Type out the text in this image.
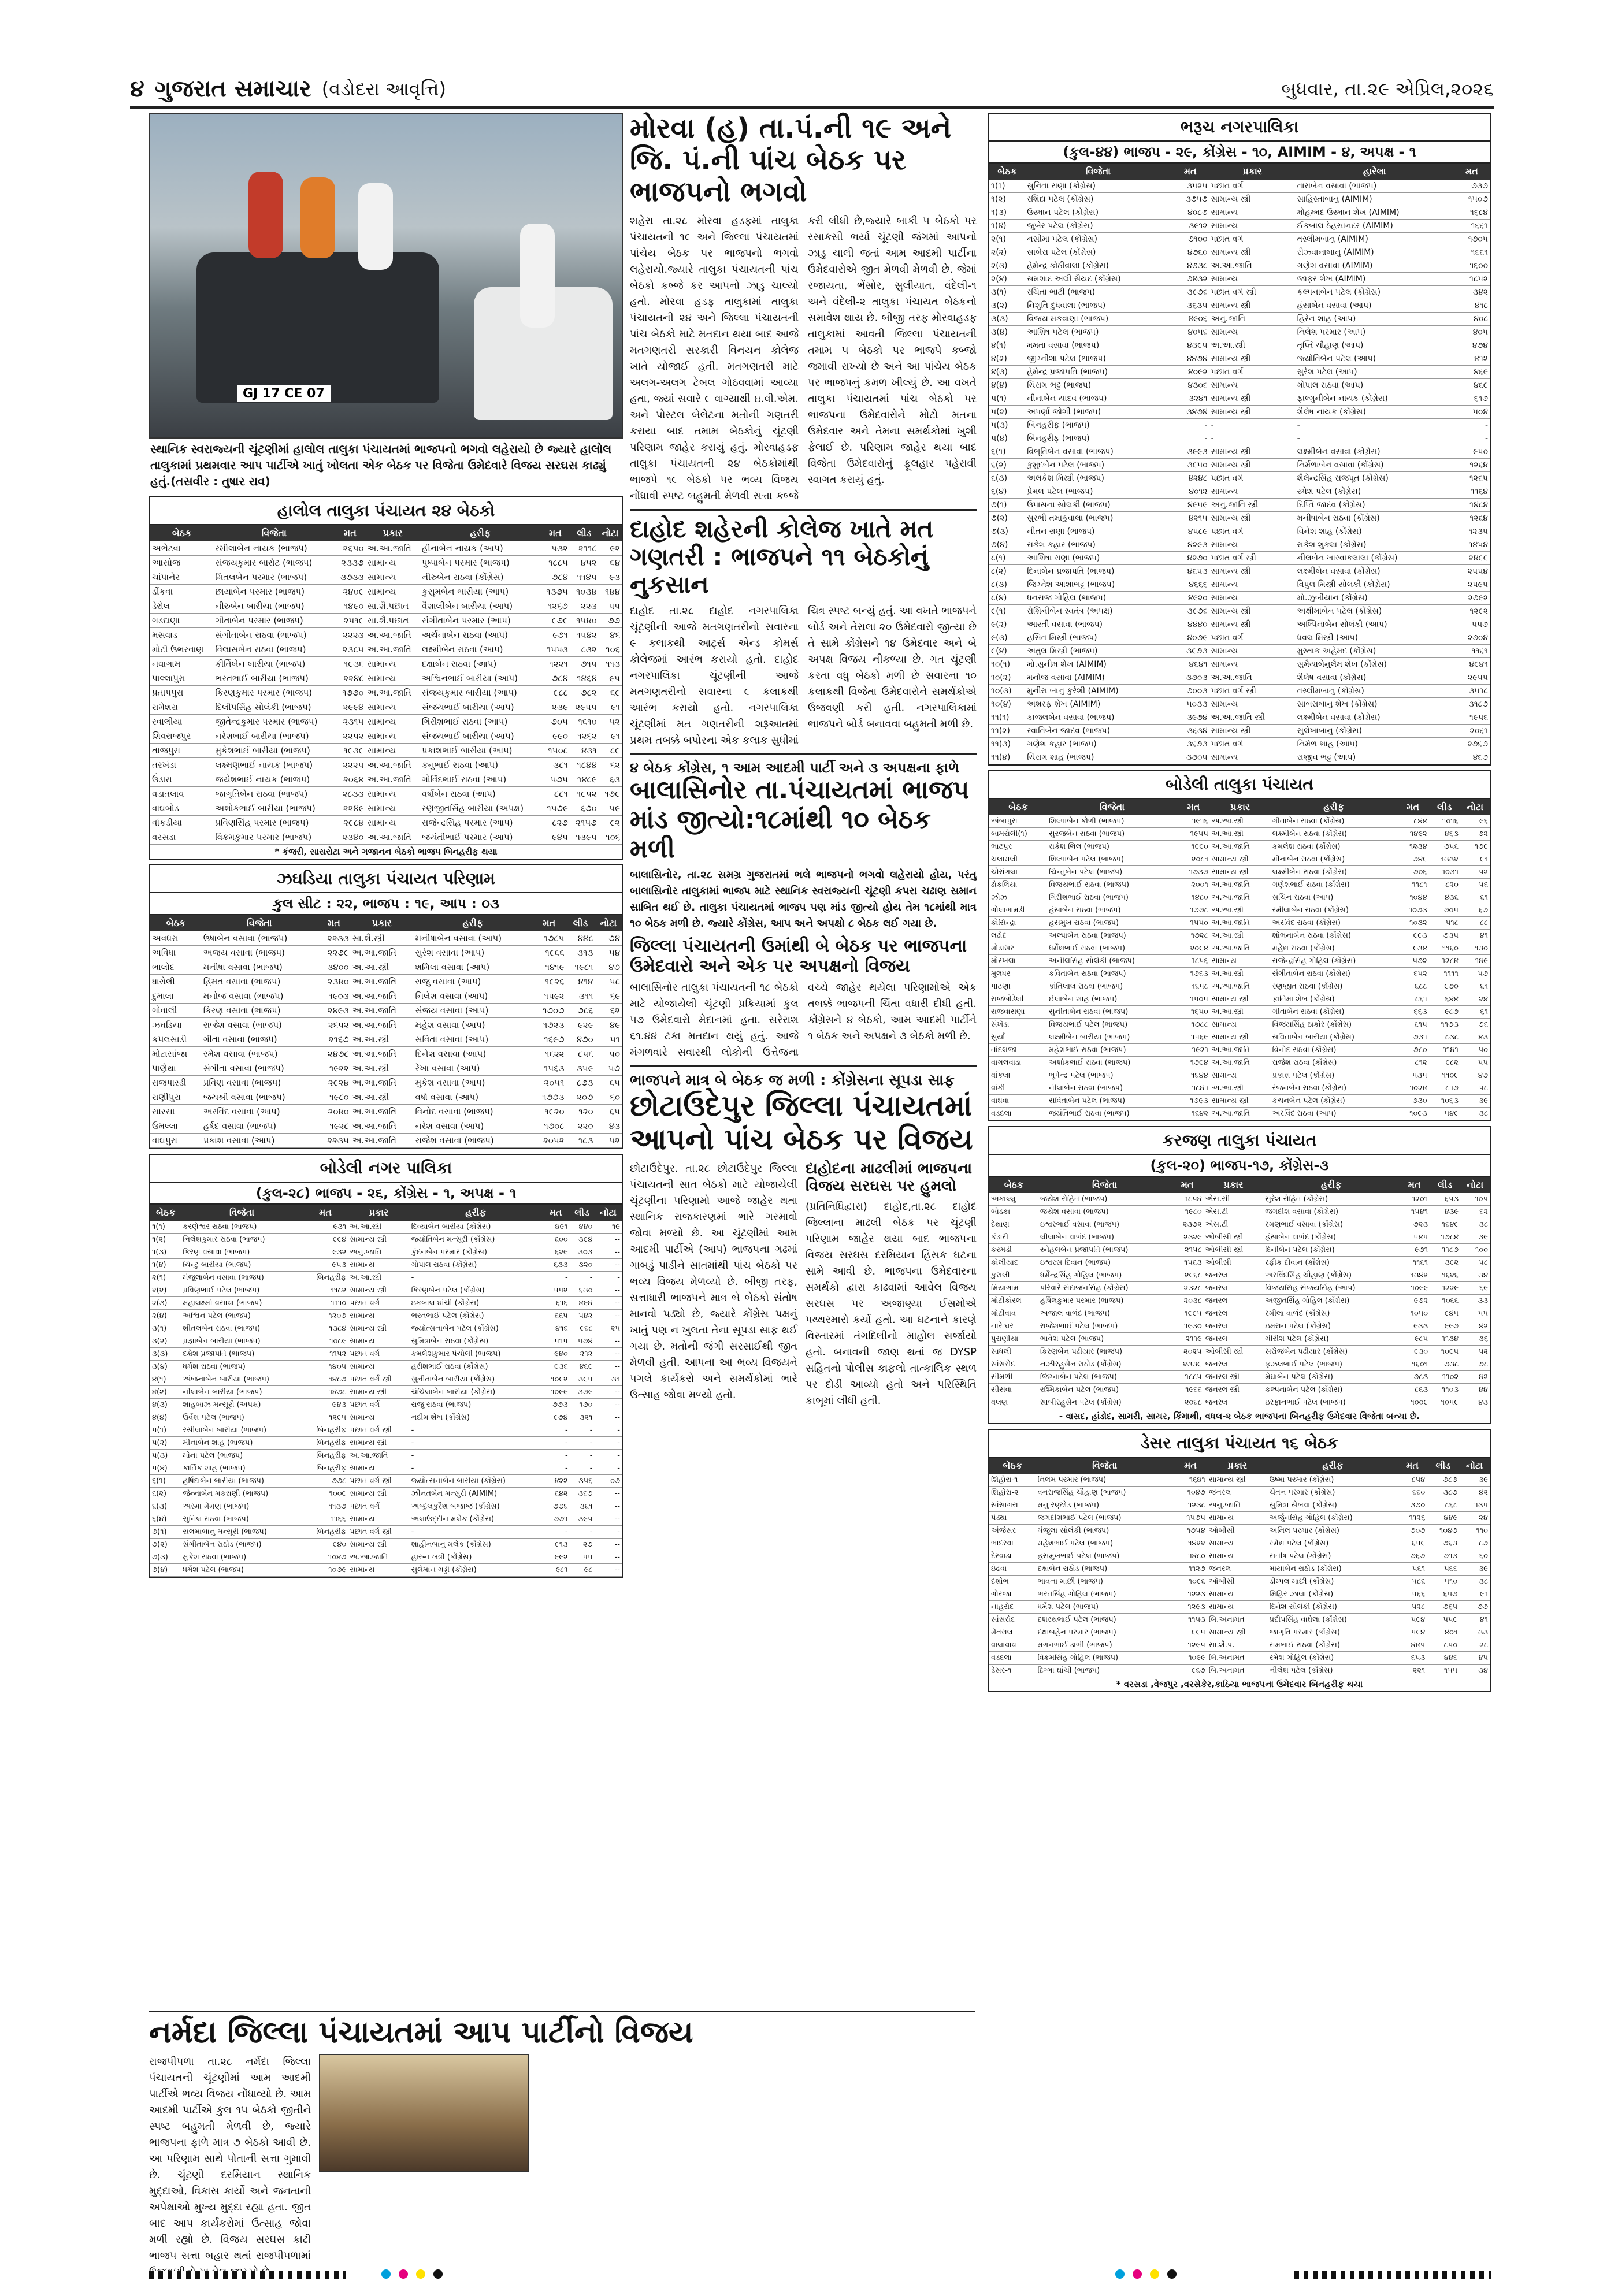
૪ ગુજરાત સમાચાર (વડોદરા આવૃત્તિ)	બુધવાર, તા.૨૯ એપ્રિલ,૨૦૨૬
GJ 17 CE 07
સ્થાનિક સ્વરાજ્યની ચૂંટણીમાં હાલોલ તાલુકા પંચાયતમાં ભાજપનો ભગવો લહેરાયો છે જ્યારે હાલોલ તાલુકામાં પ્રથમવાર આપ પાર્ટીએ ખાતું ખોલતા એક બેઠક પર વિજેતા ઉમેદવારે વિજય સરઘસ કાઢ્યું હતું.(તસવીર : તુષાર રાવ)
હાલોલ તાલુકા પંચાયત ૨૪ બેઠકો
બેઠક	વિજેતા	મત	પ્રકાર	હરીફ	મત	લીડ	નોટા
અભેટવા	રમીલાબેન નાયક (ભાજપ)	૨૬૫૦	અ.આ.જાતિ	હીનાબેન નાયક (આપ)	૫૩૨	૨૧૧૮	૯૨
આસોજ	સંજયકુમાર બારોટ (ભાજપ)	૨૩૩૭	સામાન્ય	પુષ્પાબેન પરમાર (ભાજપ)	૧૮૮૫	૪૫૨	૬૪
ચાંપાનેર	મિતલબેન પરમાર (ભાજપ)	૩૭૩૩	સામાન્ય	નીરુબેન રાઠવા (કોંગ્રેસ)	૭૮૪	૧૧૪૫	૯૩
ડીંકવા	છાયાબેન પરમાર (ભાજપ)	૨૪૦૯	સામાન્ય	કુસુમબેન બારીયા (આપ)	૧૩૭૫	૧૦૩૪	૧૪૪
ડેરોલ	નીરુબેન બારીયા (ભાજપ)	૧૪૯૦	સા.શૈ.પછાત	વૈશાલીબેન બારીયા (આપ)	૧૨૬૭	૨૨૩	૫૫
ગડદાણા	ગીતાબેન પરમાર (ભાજપ)	૨૫૧૯	સા.શૈ.પછાત	સંગીતાબેન પરમાર (આપ)	૯૭૯	૧૫૪૦	૭૭
મસવાડ	સંગીતાબેન રાઠવા (ભાજપ)	૨૨૨૩	અ.આ.જાતિ	અર્ચનાબેન રાઠવા (આપ)	૯૭૧	૧૫૪૨	૪૬
મોટી ઉભરવાણ	વિલાસબેન રાઠવા (ભાજપ)	૨૩૮૫	અ.આ.જાતિ	લક્ષ્મીબેન રાઠવા (આપ)	૧૫૫૩	૮૩૨	૧૦૬
નવાગામ	કીર્તિબેન બારીયા (ભાજપ)	૧૯૩૬	સામાન્ય	દક્ષાબેન રાઠવા (આપ)	૧૨૨૧	૭૧૫	૧૧૩
પાલ્લાપુરા	ભરતભાઈ બારીયા (ભાજપ)	૨૨૪૮	સામાન્ય	અશ્વિનભાઈ બારીયા (આપ)	૭૮૪	૧૪૬૪	૯૫
પ્રતાપપુરા	કિરણકુમાર પરમાર (ભાજપ)	૧૭૭૦	અ.આ.જાતિ	સંજયકુમાર બારીયા (આપ)	૯૮૮	૭૮૨	૬૯
રામેશરા	દિલીપસિંહ સોલંકી (ભાજપ)	૨૯૯૪	સામાન્ય	સંજયભાઈ બારીયા (આપ)	૨૩૯	૨૯૫૫	૯૧
રવાલીયા	જીતેન્દ્રકુમાર પરમાર (ભાજપ)	૨૩૧૫	સામાન્ય	ગિરીશભાઈ રાઠવા (આપ)	૭૦૫	૧૬૧૦	૫૨
શિવરાજપુર	નરેશભાઈ બારીયા (ભાજપ)	૨૨૫૨	સામાન્ય	સંજયભાઈ બારીયા (આપ)	૯૯૦	૧૨૬૨	૯૧
તાજપુરા	મુકેશભાઈ બારીયા (ભાજપ)	૧૯૩૯	સામાન્ય	પ્રકાશભાઈ બારીયા (આપ)	૧૫૦૮	૪૩૧	૮૯
તરખંડા	લક્ષ્મણભાઈ નાયક (ભાજપ)	૨૨૨૫	અ.આ.જાતિ	કનુભાઈ રાઠવા (આપ)	૩૮૧	૧૮૪૪	૬૨
ઉંડારા	જયેશભાઈ નાયક (ભાજપ)	૨૦૬૪	અ.આ.જાતિ	ગોવિંદભાઈ રાઠવા (આપ)	૫૭૫	૧૪૮૯	૬૩
વડાતલાવ	જાગૃતિબેન રાઠવા (ભાજપ)	૨૮૩૩	સામાન્ય	વર્ષાબેન રાઠવા (આપ)	૮૮૧	૧૯૫૨	૧૭૯
વાઘબોડ	અશોકભાઈ બારીયા (ભાજપ)	૨૨૪૯	સામાન્ય	રણજીતસિંહ બારીયા (અપક્ષ)	૧૫૭૯	૬૭૦	૫૯
વાંકડીયા	પ્રવિણસિંહ પરમાર (ભાજપ)	૨૯૮૪	સામાન્ય	રાજેન્દ્રસિંહ પરમાર (આપ)	૮૨૭	૨૧૫૭	૯૨
વરસડા	વિક્રમકુમાર પરમાર (ભાજપ)	૨૩૪૦	અ.આ.જાતિ	જયંતીભાઈ પરમાર (આપ)	૯૪૫	૧૩૯૫	૧૦૬
* કંજરી, સાસરોટા અને ગજાનન બેઠકો ભાજપ બિનહરીફ થયા
ઝઘડિયા તાલુકા પંચાયત પરિણામ
કુલ સીટ : ૨૨, ભાજપ : ૧૯, આપ : ૦૩
બેઠક	વિજેતા	મત	પ્રકાર	હરીફ	મત	લીડ	નોટા
અવધરા	ઉષાબેન વસાવા (ભાજપ)	૨૨૩૩	સા.શૈ.સ્ત્રી	મનીષાબેન વસાવા (આપ)	૧૭૮૫	૪૪૮	૭૪
અવિધા	અજય વસાવા (ભાજપ)	૨૨૭૯	અ.આ.જાતિ	સુરેશ વસાવા (આપ)	૧૯૬૬	૩૧૩	૫૪
ભાલોદ	મનીષા વસાવા (ભાજપ)	૩૪૦૦	અ.આ.સ્ત્રી	શર્મિલા વસાવા (આપ)	૧૪૧૯	૧૯૮૧	૪૭
ધારોલી	હિંમત વસાવા (ભાજપ)	૨૩૪૦	અ.આ.જાતિ	રાજુ વસાવા (આપ)	૧૯૨૬	૪૧૪	૫૮
દુમાલા	મનોજ વસાવા (ભાજપ)	૧૯૦૩	અ.આ.જાતિ	નિલેશ વસાવા (આપ)	૧૫૯૨	૩૧૧	૬૯
ગોવાલી	કિરણ વસાવા (ભાજપ)	૨૪૯૩	અ.આ.જાતિ	સંજય વસાવા (આપ)	૧૭૦૭	૭૮૬	૬૨
ઝઘડિયા	રાજેશ વસાવા (ભાજપ)	૨૬૫૨	અ.આ.જાતિ	મહેશ વસાવા (આપ)	૧૭૨૩	૯૨૯	૪૯
કપલસાડી	ગીતા વસાવા (ભાજપ)	૨૧૬૭	અ.આ.સ્ત્રી	સવિતા વસાવા (આપ)	૧૬૯૭	૪૭૦	૫૧
મોટાસાંજા	રમેશ વસાવા (ભાજપ)	૨૪૭૮	અ.આ.જાતિ	દિનેશ વસાવા (આપ)	૧૬૨૨	૮૫૬	૫૦
પાણેથા	સંગીતા વસાવા (ભાજપ)	૧૯૨૨	અ.આ.સ્ત્રી	રેખા વસાવા (આપ)	૧૫૬૩	૩૫૯	૫૭
રાજપારડી	પ્રવિણ વસાવા (ભાજપ)	૨૯૨૪	અ.આ.જાતિ	મુકેશ વસાવા (આપ)	૨૦૫૧	૮૭૩	૬૫
રાણીપુરા	જયશ્રી વસાવા (ભાજપ)	૧૯૮૦	અ.આ.સ્ત્રી	વર્ષા વસાવા (આપ)	૧૭૭૩	૨૦૭	૬૦
સારસા	અરવિંદ વસાવા (આપ)	૨૦૪૦	અ.આ.જાતિ	વિનોદ વસાવા (ભાજપ)	૧૯૨૦	૧૨૦	૬૫
ઉમલ્લા	હર્ષદ વસાવા (ભાજપ)	૧૯૨૮	અ.આ.જાતિ	નરેશ વસાવા (આપ)	૧૭૦૮	૨૨૦	૪૩
વાઘપુરા	પ્રકાશ વસાવા (આપ)	૨૨૩૫	અ.આ.જાતિ	રાજેશ વસાવા (ભાજપ)	૨૦૫૨	૧૮૩	૫૨
બોડેલી નગર પાલિકા
(કુલ-૨૮) ભાજપ - ૨૬, કોંગ્રેસ - ૧, અપક્ષ - ૧
બેઠક	વિજેતા	મત	પ્રકાર	હરીફ	મત	લીડ	નોટા
૧(૧)	કરણેશ્વર રાઠવા (ભાજપ)	૯૩૧	અ.આ.સ્ત્રી	દિવ્યાબેન બારીયા (કોંગ્રેસ)	૪૯૧	૪૪૦	૧૯
૧(૨)	નિલેશકુમાર રાઠવા (ભાજપ)	૯૯૪	સામાન્ય સ્ત્રી	જ્યોતિબેન મન્સૂરી (કોંગ્રેસ)	૬૦૦	૩૯૪	--
૧(૩)	કિરણ વસાવા (ભાજપ)	૯૩૨	અનુ.જાતિ	કુંદનબેન પરમાર (કોંગ્રેસ)	૬૨૯	૩૦૩	--
૧(૪)	ચિન્ટુ બારીયા (ભાજપ)	૯૫૩	સામાન્ય	ગોપાલ રાઠવા (કોંગ્રેસ)	૬૩૩	૩૨૦	--
૨(૧)	મંજુલાબેન વસાવા (ભાજપ)	બિનહરીફ	અ.આ.સ્ત્રી	-	-	-	-
૨(૨)	પ્રવિણભાઈ પટેલ (ભાજપ)	૧૧૮૨	સામાન્ય સ્ત્રી	કિરણબેન પટેલ (કોંગ્રેસ)	૫૫૨	૬૩૦	--
૨(૩)	મહાલક્ષ્મી વસાવા (ભાજપ)	૧૧૧૦	પછાત વર્ગ	ઇકબાલ ઘાંચી (કોંગ્રેસ)	૬૧૬	૪૯૪	--
૨(૪)	અશ્વિન પટેલ (ભાજપ)	૧૨૦૭	સામાન્ય	ભરતભાઈ પટેલ (કોંગ્રેસ)	૬૬૫	૫૪૨	--
૩(૧)	શીતલબેન રાઠવા (ભાજપ)	૧૩૮૪	સામાન્ય સ્ત્રી	જ્યોત્સનાબેન પટેલ (કોંગ્રેસ)	૪૧૬	૯૬૮	૨૫
૩(૨)	પ્રજ્ઞાબેન બારીયા (ભાજપ)	૧૦૮૯	સામાન્ય	સુમિત્રાબેન રાઠવા (કોંગ્રેસ)	૫૧૫	૫૭૪	--
૩(૩)	દક્ષેશ પ્રજાપતિ (ભાજપ)	૧૧૫૨	પછાત વર્ગ	કમલેશકુમાર પંચોલી (ભાજપ)	૯૪૦	૨૧૨	--
૩(૪)	ધર્મેશ રાઠવા (ભાજપ)	૧૪૦૫	સામાન્ય	હરીશભાઈ રાઠવા (કોંગ્રેસ)	૯૩૬	૪૬૯	--
૪(૧)	અંજનાબેન બારીયા (ભાજપ)	૧૪૮૭	પછાત વર્ગ સ્ત્રી	સુનીતાબેન બારીયા (કોંગ્રેસ)	૧૦૯૨	૩૯૫	૩૧
૪(૨)	નીલાબેન બારીયા (ભાજપ)	૧૪૭૮	સામાન્ય સ્ત્રી	ચંચિલાબેન બારીયા (કોંગ્રેસ)	૧૦૯૯	૩૭૯	--
૪(૩)	શાહબાઝ મન્સૂરી (અપક્ષ)	૯૪૩	પછાત વર્ગ	રાજુ રાઠવા (ભાજપ)	૭૭૩	૧૭૦	--
૪(૪)	ઉર્વેશ પટેલ (ભાજપ)	૧૨૯૫	સામાન્ય	નદીમ શેખ (કોંગ્રેસ)	૯૭૪	૩૨૧	--
૫(૧)	રસીલાબેન બારીયા (ભાજપ)	બિનહરીફ	પછાત વર્ગ સ્ત્રી	-	-	-	-
૫(૨)	મીનાબેન શાહ (ભાજપ)	બિનહરીફ	સામાન્ય સ્ત્રી	-	-	-	-
૫(૩)	મોના પટેલ (ભાજપ)	બિનહરીફ	અ.આ.જાતિ	-	-	-	-
૫(૪)	કાર્તિક શાહ (ભાજપ)	બિનહરીફ	સામાન્ય	-	-	-	-
૬(૧)	હર્ષિદાબેન બારીયા (ભાજપ)	૭૭૮	પછાત વર્ગ સ્ત્રી	જ્યોત્સનાબેન બારીયા (કોંગ્રેસ)	૪૨૨	૩૫૬	૦૭
૬(૨)	જેન્નાબેન મકરાણી (ભાજપ)	૧૦૦૯	સામાન્ય સ્ત્રી	ઝીનતબેન મન્સુરી (AIMIM)	૬૪૨	૩૬૭	--
૬(૩)	અસ્મા મેમણ (ભાજપ)	૧૧૩૭	પછાત વર્ગ	અબ્દુલકુરૈશ બજાજ (કોંગ્રેસ)	૭૭૬	૩૬૧	--
૬(૪)	સુનિલ રાઠવા (ભાજપ)	૧૧૬૬	સામાન્ય	અલાઉદ્દીન મલેક (કોંગ્રેસ)	૭૭૧	૩૯૫	--
૭(૧)	સલમાબાનુ મન્સૂરી (ભાજપ)	બિનહરીફ	પછાત વર્ગ સ્ત્રી	-	-	-	-
૭(૨)	સંગીતાબેન રાઠોડ (ભાજપ)	૯૪૦	સામાન્ય સ્ત્રી	શાહીનબાનુ મલેક (કોંગ્રેસ)	૯૧૩	૨૭	--
૭(૩)	મુકેશ રાઠવા (ભાજપ)	૧૦૪૭	અ.આ.જાતિ	હારુન ખત્રી (કોંગ્રેસ)	૯૯૨	૫૫	--
૭(૪)	ધર્મેશ પટેલ (ભાજપ)	૧૦૭૯	સામાન્ય	સુલેમાન ગડ્ડી (કોંગ્રેસ)	૯૮૧	૯૮	--
મોરવા (હ) તા.પં.ની ૧૯ અને જિ. પં.ની પાંચ બેઠક પર ભાજપનો ભગવો
શહેરા તા.૨૮ મોરવા હડફમાં તાલુકા પંચાયતની ૧૯ અને જિલ્લા પંચાયતમાં પાંચેય બેઠક પર ભાજપનો ભગવો લહેરાયો.જ્યારે તાલુકા પંચાયતની પાંચ બેઠકો કબ્જે કર આપનો ઝાડુ ચાલ્યો હતો. મોરવા હડફ તાલુકામાં તાલુકા પંચાયતની ૨૪ અને જિલ્લા પંચાયતની પાંચ બેઠકો માટે મતદાન થયા બાદ આજે મતગણતરી સરકારી વિનયન કોલેજ ખાતે યોજાઈ હતી. મતગણતરી માટે અલગ-અલગ ટેબલ ગોઠવવામાં આવ્યા હતા, જ્યાં સવારે ૯ વાગ્યાથી ઇ.વી.એમ. અને પોસ્ટલ બેલેટના મતોની ગણતરી કરાયા બાદ તમામ બેઠકોનું ચૂંટણી પરિણામ જાહેર કરાયું હતું. મોરવાહડફ તાલુકા પંચાયતની ૨૪ બેઠકોમાંથી ભાજપે ૧૯ બેઠકો પર ભવ્ય વિજય નોંધાવી સ્પષ્ટ બહુમતી મેળવી સત્તા કબ્જે કરી લીધી છે,જ્યારે બાકી ૫ બેઠકો પર રસાકસી ભર્યા ચૂંટણી જંગમાં આપનો ઝાડુ ચાલી જતાં આમ આદમી પાર્ટીના ઉમેદવારોએ જીત મેળવી મેળવી છે. જેમાં રજાયતા, ભેંસોર, સુલીયાત, વંદેલી-૧ અને વંદેલી-૨ તાલુકા પંચાયત બેઠકનો સમાવેશ થાય છે. બીજી તરફ મોરવાહડફ તાલુકામાં આવતી જિલ્લા પંચાયતની તમામ ૫ બેઠકો પર ભાજપે કબ્જો જમાવી રાખ્યો છે અને આ પાંચેય બેઠક પર ભાજપનું કમળ ખીલ્યું છે. આ વખતે તાલુકા પંચાયતમાં પાંચ બેઠકો પર ભાજપના ઉમેદવારોને મોટો મતના ઉમેદવાર અને તેમના સમર્થકોમાં ખુશી ફેલાઈ છે. પરિણામ જાહેર થયા બાદ વિજેતા ઉમેદવારોનું ફૂલહાર પહેરાવી સ્વાગત કરાયું હતું.
દાહોદ શહેરની કોલેજ ખાતે મત ગણતરી : ભાજપને ૧૧ બેઠકોનું નુકસાન
દાહોદ તા.૨૮ દાહોદ નગરપાલિકા ચૂંટણીની આજે મતગણતરીનો સવારના ૯ કલાકથી આર્ટ્સ એન્ડ કોમર્સ કોલેજમાં આરંભ કરાયો હતો. દાહોદ નગરપાલિકા ચૂંટણીની આજે મતગણતરીનો સવારના ૯ કલાકથી આરંભ કરાયો હતો. નગરપાલિકા ચૂંટણીમાં મત ગણતરીની શરૂઆતમાં પ્રથમ તબક્કે બપોરના એક કલાક સુધીમાં ચિત્ર સ્પષ્ટ બન્યું હતું. આ વખતે ભાજપને બોર્ડ અને તેરાલા ૨૦ ઉમેદવારો જીત્યા છે તે સામે કોંગ્રેસને ૧૪ ઉમેદવાર અને બે અપક્ષ વિજય નીકળ્યા છે. ગત ચૂંટણી કરતા વધુ બેઠકો મળી છે સવારના ૧૦ કલાકથી વિજેતા ઉમેદવારોને સમર્થકોએ ઉજવણી કરી હતી. નગરપાલિકામાં ભાજપને બોર્ડ બનાવવા બહુમતી મળી છે.
૪ બેઠક કોંગ્રેસ, ૧ આમ આદમી પાર્ટી અને ૩ અપક્ષના ફાળે
બાલાસિનોર તા.પંચાયતમાં ભાજપ માંડ જીત્યો:૧૮માંથી ૧૦ બેઠક મળી
બાલાસિનોર, તા.૨૮ સમગ્ર ગુજરાતમાં ભલે ભાજપનો ભગવો લહેરાયો હોય, પરંતુ બાલાસિનોર તાલુકામાં ભાજપ માટે સ્થાનિક સ્વરાજ્યની ચૂંટણી કપરા ચઢાણ સમાન સાબિત થઈ છે. તાલુકા પંચાયતમાં ભાજપ પણ માંડ જીત્યો હોય તેમ ૧૮માંથી માત્ર ૧૦ બેઠક મળી છે. જ્યારે કોંગ્રેસ, આપ અને અપક્ષો ૮ બેઠક લઈ ગયા છે.
જિલ્લા પંચાયતની ઉમાંથી બે બેઠક પર ભાજપના ઉમેદવારો અને એક પર અપક્ષનો વિજય
બાલાસિનોર તાલુકા પંચાયતની ૧૮ બેઠકો માટે યોજાયેલી ચૂંટણી પ્રક્રિયામાં કુલ ૫૭ ઉમેદવારો મેદાનમાં હતા. સરેરાશ ૬૧.૪૪ ટકા મતદાન થયું હતું. આજે મંગળવારે સવારથી લોકોની ઉત્તેજના વચ્ચે જાહેર થયેલા પરિણામોએ એક તબક્કે ભાજપની ચિંતા વધારી દીધી હતી. કોંગ્રેસને ૪ બેઠકો, આમ આદમી પાર્ટીને ૧ બેઠક અને અપક્ષને ૩ બેઠકો મળી છે.
ભાજપને માત્ર બે બેઠક જ મળી : કોંગ્રેસના સૂપડા સાફ
છોટાઉદેપુર જિલ્લા પંચાયતમાં આપનો પાંચ બેઠક પર વિજય
છોટાઉદેપુર. તા.૨૮ છોટાઉદેપુર જિલ્લા પંચાયતની સાત બેઠકો માટે યોજાયેલી ચૂંટણીના પરિણામો આજે જાહેર થતા સ્થાનિક રાજકારણમાં ભારે ગરમાવો જોવા મળ્યો છે. આ ચૂંટણીમાં આમ આદમી પાર્ટીએ (આપ) ભાજપના ગઢમાં ગાબડું પાડીને સાતમાંથી પાંચ બેઠકો પર ભવ્ય વિજય મેળવ્યો છે. બીજી તરફ, સત્તાધારી ભાજપને માત્ર બે બેઠકો સંતોષ માનવો પડ્યો છે, જ્યારે કોંગ્રેસ પક્ષનું ખાતું પણ ન ખુલતા તેના સૂપડા સાફ થઈ ગયા છે. મતોની જંગી સરસાઈથી જીત મેળવી હતી. આપના આ ભવ્ય વિજયને પગલે કાર્યકરો અને સમર્થકોમાં ભારે ઉત્સાહ જોવા મળ્યો હતો.
દાહોદના માઢલીમાં ભાજપના વિજય સરઘસ પર હુમલો
(પ્રતિનિધિદ્વારા) દાહોદ,તા.૨૮ દાહોદ જિલ્લાના માઢલી બેઠક પર ચૂંટણી પરિણામ જાહેર થયા બાદ ભાજપના વિજય સરઘસ દરમિયાન હિંસક ઘટના સામે આવી છે. ભાજપના ઉમેદવારના સમર્થકો દ્વારા કાઢવામાં આવેલ વિજય સરઘસ પર અજાણ્યા ઈસમોએ પથ્થરમારો કર્યો હતો. આ ઘટનાને કારણે વિસ્તારમાં તંગદિલીનો માહોલ સર્જાયો હતો. બનાવની જાણ થતાં જ DYSP સહિતનો પોલીસ કાફલો તાત્કાલિક સ્થળ પર દોડી આવ્યો હતો અને પરિસ્થિતિ કાબૂમાં લીધી હતી.
નર્મદા જિલ્લા પંચાયતમાં આપ પાર્ટીનો વિજય
રાજપીપળા તા.૨૮ નર્મદા જિલ્લા પંચાયતની ચૂંટણીમાં આમ આદમી પાર્ટીએ ભવ્ય વિજય નોંધાવ્યો છે. આમ આદમી પાર્ટીએ કુલ ૧૫ બેઠકો જીતીને સ્પષ્ટ બહુમતી મેળવી છે, જ્યારે ભાજપના ફાળે માત્ર ૭ બેઠકો આવી છે. આ પરિણામ સાથે પોતાની સત્તા ગુમાવી છે. ચૂંટણી દરમિયાન સ્થાનિક મુદ્દાઓ, વિકાસ કાર્યો અને જનતાની અપેક્ષાઓ મુખ્ય મુદ્દા રહ્યા હતા. જીત બાદ આપ કાર્યકરોમાં ઉત્સાહ જોવા મળી રહ્યો છે. વિજય સરઘસ કાઢી ભાજપ સત્તા બહાર થતાં રાજપીપળામાં
ભરૂચ નગરપાલિકા
(કુલ-૪૪) ભાજપ - ૨૯, કોંગ્રેસ - ૧૦, AIMIM - ૪, અપક્ષ - ૧
બેઠક	વિજેતા	મત	પ્રકાર	હારેલા	મત
૧(૧)	સુનિતા રાણા (કોંગ્રેસ)	૩૫૨૫	પછાત વર્ગ	તારાબેન વસાવા (ભાજપ)	૭૩૭
૧(૨)	રશિદા પટેલ (કોંગ્રેસ)	૩૭૫૭	સામાન્ય સ્ત્રી	સાહિસ્તાબાનુ (AIMIM)	૧૫૦૭
૧(૩)	ઉસ્માન પટેલ (કોંગ્રેસ)	૪૦૮૭	સામાન્ય	મોહમ્મદ ઉસ્માન શેખ (AIMIM)	૧૬૮૪
૧(૪)	જુબેર પટેલ (કોંગ્રેસ)	૩૯૧૨	સામાન્ય	ઈકબાલ ઠેહસાનદર (AIMIM)	૧૬૬૧
૨(૧)	નસીમા પટેલ (કોંગ્રેસ)	૭૧૦૦	પછાત વર્ગ	તસ્લીમબાનુ (AIMIM)	૧૭૦૫
૨(૨)	સાબેરા પટેલ (કોંગ્રેસ)	૪૭૬૦	સામાન્ય સ્ત્રી	રીઝ્વાનાબાનુ (AIMIM)	૧૬૬૧
૨(૩)	હેમેન્દ્ર કોઠીવાલા (કોંગ્રેસ)	૪૭૩૮	અ.આ.જાતિ	ગણેશ વસાવા (AIMIM)	૧૬૦૦
૨(૪)	સમશાદ અલી સૈયદ (કોંગ્રેસ)	૭૪૩૨	સામાન્ય	જાફર શેખ (AIMIM)	૧૮૫૨
૩(૧)	રચિતા ભાટી (ભાજપ)	૩૯૭૬	પછાત વર્ગ સ્ત્રી	કલ્પનાબેન પટેલ (કોંગ્રેસ)	૩૪૨
૩(૨)	નિશુતિ દુધવાલા (ભાજપ)	૩૬૩૫	સામાન્ય સ્ત્રી	હંસાબેન વસાવા (આપ)	૪૧૮
૩(૩)	વિજય મકવાણા (ભાજપ)	૪૯૦૬	અનુ.જાતિ	હિરેન શાહ (આપ)	૪૦૮
૩(૪)	આશિષ પટેલ (ભાજપ)	૪૦૫૬	સામાન્ય	નિલેશ પરમાર (આપ)	૪૦૫
૪(૧)	મમતા વસાવા (ભાજપ)	૪૩૯૫	અ.આ.સ્ત્રી	તૃપ્તિ ચૌહાણ (આપ)	૪૭૪
૪(૨)	જીગ્નીશા પટેલ (ભાજપ)	૪૪૭૪	સામાન્ય સ્ત્રી	જ્યોતિબેન પટેલ (આપ)	૪૧૨
૪(૩)	હેમેન્દ્ર પ્રજાપતિ (ભાજપ)	૪૦૯૨	પછાત વર્ગ	સુરેશ પટેલ (આપ)	૪૬૯
૪(૪)	ચિરાગ ભટ્ટ (ભાજપ)	૪૩૦૬	સામાન્ય	ગોપાલ રાઠવા (આપ)	૪૬૯
૫(૧)	નીનાબેન યાદવ (ભાજપ)	૩૨૪૧	સામાન્ય સ્ત્રી	ફાલ્ગુનીબેન નાયક (કોંગ્રેસ)	૬૧૭
૫(૨)	અપર્ણા જોશી (ભાજપ)	૩૪૭૪	સામાન્ય સ્ત્રી	શૈલેષ નાયક (કોંગ્રેસ)	૫૦૪
૫(૩)	બિનહરીફ (ભાજપ)	-	-	-	-
૫(૪)	બિનહરીફ (ભાજપ)	-	-	-	-
૬(૧)	વિભૂતિબેન વસાવા (ભાજપ)	૩૯૯૩	સામાન્ય સ્ત્રી	લક્ષ્મીબેન વસાવા (કોંગ્રેસ)	૯૫૦
૬(૨)	કુમુદબેન પટેલ (ભાજપ)	૩૯૫૦	સામાન્ય સ્ત્રી	નિર્મળાબેન વસાવા (કોંગ્રેસ)	૧૨૬૪
૬(૩)	અલકેશ મિસ્ત્રી (ભાજપ)	૪૨૪૮	પછાત વર્ગ	શૈલેન્દ્રસિંહ રાજપૂત (કોંગ્રેસ)	૧૨૬૫
૬(૪)	પ્રેમલ પટેલ (ભાજપ)	૪૦૧૨	સામાન્ય	રમેશ પટેલ (કોંગ્રેસ)	૧૧૬૪
૭(૧)	ઉપાસના સોલંકી (ભાજપ)	૪૯૫૯	અનુ.જાતિ સ્ત્રી	દિપ્તિ જાદવ (કોંગ્રેસ)	૧૪૮૪
૭(૨)	સુરભી તમાકુવાલા (ભાજપ)	૪૨૧૫	સામાન્ય સ્ત્રી	મનીષાબેન રાઠવા (કોંગ્રેસ)	૧૨૬૪
૭(૩)	નીતન રાણા (ભાજપ)	૪૫૮૯	પછાત વર્ગ	વિનેશ શાહ (કોંગ્રેસ)	૧૨૩૫
૭(૪)	રાકેશ કહાર (ભાજપ)	૪૨૯૩	સામાન્ય	રાકેશ શુક્લા (કોંગ્રેસ)	૧૪૫૪
૮(૧)	આશિષા રાણા (ભાજપ)	૪૨૭૦	પછાત વર્ગ સ્ત્રી	નીલબેન ખારવાકલાલા (કોંગ્રેસ)	૨૪૯૯
૮(૨)	દિનાબેન પ્રજાપતિ (ભાજપ)	૪૬૫૩	સામાન્ય સ્ત્રી	લક્ષ્મીબેન વસાવા (કોંગ્રેસ)	૨૫૫૪
૮(૩)	જિગ્નેશ આશાભટ્ટ (ભાજપ)	૪૬૬૬	સામાન્ય	વિપુલ મિસ્ત્રી સોલંકી (કોંગ્રેસ)	૨૫૯૫
૮(૪)	ધનરાજ ગોહિલ (ભાજપ)	૪૯૨૦	સામાન્ય	મો.ઝુબીયાન (કોંગ્રેસ)	૨૭૯૨
૯(૧)	રોશિનીબેન સ્વતંત્ર (અપક્ષ)	૩૯૭૬	સામાન્ય સ્ત્રી	અક્ષીમાબેન પટેલ (કોંગ્રેસ)	૧૨૯૨
૯(૨)	આરતી વસાવા (ભાજપ)	૪૪૪૦	સામાન્ય સ્ત્રી	અલ્પિનાબેન સોલંકી (આપ)	૫૫૭
૯(૩)	હસિત મિસ્ત્રી (ભાજપ)	૪૦૭૯	પછાત વર્ગ	ધવલ મિસ્ત્રી (આપ)	૨૭૦૪
૯(૪)	અતુલ મિસ્ત્રી (ભાજપ)	૩૯૭૩	સામાન્ય	મુસ્તાક અહેમદ (કોંગ્રેસ)	૧૧૬૧
૧૦(૧)	મો.સુનીમ શેખ (AIMIM)	૪૬૪૧	સામાન્ય	સુમૈયાબેનુલૈમ શેખ (કોંગ્રેસ)	૪૯૪૧
૧૦(૨)	મનોજ વસાવા (AIMIM)	૩૭૦૩	અ.આ.જાતિ	શૈલેષ વસાવા (કોંગ્રેસ)	૨૯૫૫
૧૦(૩)	મુનીરા બાનુ કુરેશી (AIMIM)	૭૦૦૩	પછાત વર્ગ સ્ત્રી	તસ્લીમબાનુ (કોંગ્રેસ)	૩૫૧૮
૧૦(૪)	અશરફ શેખ (AIMIM)	૫૦૩૩	સામાન્ય	સાબરાબાનુ શેખ (કોંગ્રેસ)	૩૧૮૭
૧૧(૧)	કાજલબેન વસાવા (ભાજપ)	૩૯૭૪	અ.આ.જાતિ સ્ત્રી	લક્ષ્મીબેન વસાવા (કોંગ્રેસ)	૧૯૫૬
૧૧(૨)	સ્વાતિબેન જાદવ (ભાજપ)	૩૬૩૪	સામાન્ય સ્ત્રી	સુલેખાબાનુ (કોંગ્રેસ)	૨૦૬૧
૧૧(૩)	ગણેશ કહાર (ભાજપ)	૩૬૭૩	પછાત વર્ગ	નિર્મળ શાહ (આપ)	૨૭૬૭
૧૧(૪)	ચિરાગ શાહ (ભાજપ)	૩૭૦૫	સામાન્ય	રાજીવ ભટ્ટ (આપ)	૪૬૭
બોડેલી તાલુકા પંચાયત
બેઠક	વિજેતા	મત	પ્રકાર	હરીફ	મત	લીડ	નોટા
અંબાપુરા	શિલ્પાબેન કોળી (ભાજપ)	૧૯૧૬	અ.આ.સ્ત્રી	ગીતાબેન રાઠવા (કોંગ્રેસ)	૮૪૪	૧૦૧૬	૯૬
બામરોલી(૧)	સુરજબેન રાઠવા (ભાજપ)	૧૯૫૫	અ.આ.સ્ત્રી	લક્ષ્મીબેન રાઠવા (કોંગ્રેસ)	૧૪૯૨	૪૬૩	૭૨
ભાટપુર	રાકેશ ભિલ (ભાજપ)	૧૯૯૦	અ.આ.જાતિ	કમલેશ રાઠવા (કોંગ્રેસ)	૧૨૩૪	૭૫૬	૧૭૯
ચલામલી	શિલ્પાબેન પટેલ (ભાજપ)	૨૦૮૧	સામાન્ય સ્ત્રી	મીનાબેન રાઠવા (કોંગ્રેસ)	૭૪૯	૧૩૩૨	૯૧
ચોરાંગલા	ચિન્તુબેન પટેલ (ભાજપ)	૧૭૩૭	સામાન્ય સ્ત્રી	લક્ષ્મીબેન રાઠવા (કોંગ્રેસ)	૭૦૬	૧૦૩૧	૫૨
ઢોકલિયા	વિજયભાઈ રાઠવા (ભાજપ)	૨૦૦૧	અ.આ.જાતિ	ગણેશભાઈ રાઠવા (કોંગ્રેસ)	૧૧૮૧	૮૨૦	૫૬
ઝોઝ	ગિરીશભાઈ રાઠવા (ભાજપ)	૧૪૮૦	અ.આ.જાતિ	સચિન રાઠવા (આપ)	૧૦૪૪	૪૩૬	૬૧
ગોલાગામડી	હંસાબેન રાઠવા (ભાજપ)	૧૭૭૮	અ.આ.સ્ત્રી	રમીલાબેન રાઠવા (કોંગ્રેસ)	૧૦૭૩	૭૦૫	૬૭
કોસિન્દ્રા	હસમુખ રાઠવા (ભાજપ)	૧૫૫૦	અ.આ.જાતિ	અરવિંદ રાઠવા (કોંગ્રેસ)	૧૦૩૨	૫૧૮	૮૮
લઢોદ	અલ્પાબેન રાઠવા (ભાજપ)	૧૭૨૮	અ.આ.સ્ત્રી	શોભનાબેન રાઠવા (કોંગ્રેસ)	૯૯૩	૭૩૫	૪૧
મોડાસર	ધર્મેશભાઈ રાઠવા (ભાજપ)	૨૦૯૪	અ.આ.જાતિ	મહેશ રાઠવા (કોંગ્રેસ)	૯૩૪	૧૧૬૦	૧૩૦
મોરખલા	અનીલસિંહ સોલંકી (ભાજપ)	૧૮૫૬	સામાન્ય	રાજેન્દ્રસિંહ ગોહિલ (કોંગ્રેસ)	૫૭૨	૧૨૮૪	૧૪૯
મુલધર	કવિતાબેન રાઠવા (ભાજપ)	૧૭૬૩	અ.આ.સ્ત્રી	સંગીતાબેન રાઠવા (કોંગ્રેસ)	૬૫૨	૧૧૧૧	૫૭
પાટણા	કાંતિલાલ રાઠવા (ભાજપ)	૧૬૫૮	અ.આ.જાતિ	રણજીત રાઠવા (કોંગ્રેસ)	૬૮૮	૯૭૦	૬૧
રાજબોડેલી	ઈલાબેન શાહ (ભાજપ)	૧૫૦૫	સામાન્ય સ્ત્રી	ફાતિમા શેખ (કોંગ્રેસ)	૮૬૧	૬૪૪	૨૪
રાજવાસણા	સુનીતાબેન રાઠવા (ભાજપ)	૧૬૫૦	અ.આ.સ્ત્રી	ગીતાબેન રાઠવા (કોંગ્રેસ)	૬૬૩	૯૮૭	૬૧
સંખેડા	વિજયભાઈ પટેલ (ભાજપ)	૧૭૮૮	સામાન્ય	વિજયસિંહ ઠાકોર (કોંગ્રેસ)	૬૧૫	૧૧૭૩	૭૬
સુર્યા	લક્ષ્મીબેન બારીયા (ભાજપ)	૧૫૬૯	સામાન્ય સ્ત્રી	સવિતાબેન બારીયા (કોંગ્રેસ)	૭૩૧	૮૩૮	૪૩
તાંદલજા	મહેશભાઈ રાઠવા (ભાજપ)	૧૯૨૧	અ.આ.જાતિ	વિનોદ રાઠવા (કોંગ્રેસ)	૭૮૦	૧૧૪૧	૫૦
વાગલવાડા	અશોકભાઈ રાઠવા (ભાજપ)	૧૭૯૪	અ.આ.જાતિ	રાજેશ રાઠવા (કોંગ્રેસ)	૮૧૨	૯૮૨	૫૫
વાંકલા	ભૂપેન્દ્ર પટેલ (ભાજપ)	૧૬૪૪	સામાન્ય	પ્રકાશ પટેલ (કોંગ્રેસ)	૫૩૫	૧૧૦૯	૪૭
વાંકી	નીલાબેન રાઠવા (ભાજપ)	૧૮૪૧	અ.આ.સ્ત્રી	રંજનબેન રાઠવા (કોંગ્રેસ)	૧૦૨૪	૮૧૭	૫૮
વાઘવા	સવિતાબેન પટેલ (ભાજપ)	૧૭૯૩	સામાન્ય સ્ત્રી	કંચનબેન પટેલ (કોંગ્રેસ)	૭૩૦	૧૦૬૩	૩૯
વડદલા	જયંતિભાઈ રાઠવા (ભાજપ)	૧૬૪૨	અ.આ.જાતિ	અરવિંદ રાઠવા (આપ)	૧૦૯૩	૫૪૯	૩૮
કરજણ તાલુકા પંચાયત
(કુલ-૨૦) ભાજપ-૧૭, કોંગ્રેસ-૩
બેઠક	વિજેતા	મત	પ્રકાર	હરીફ	મત	લીડ	નોટા
અકાલ્લુ	જયેશ રોહિત (ભાજપ)	૧૮૫૪	એસ.સી	સુરેશ રોહિત (કોંગ્રેસ)	૧૨૦૧	૬૫૩	૧૦૫
બોડકા	જયેશ વસાવા (ભાજપ)	૧૯૮૦	એસ.ટી	જગદીશ વસાવા (કોંગ્રેસ)	૧૫૪૧	૪૩૯	૬૨
દેથાણ	ઇશ્વરભાઈ વસાવા (ભાજપ)	૨૩૭૨	એસ.ટી	રમણભાઈ વસાવા (કોંગ્રેસ)	૭૨૩	૧૬૪૯	૩૮
કંડારી	લીલાબેન વાળંદ (ભાજપ)	૨૩૨૯	ઓબીસી સ્ત્રી	હંસાબેન વાળંદ (કોંગ્રેસ)	૫૪૫	૧૭૮૪	૩૯
કરમડી	સ્નેહલબેન પ્રજાપતિ (ભાજપ)	૨૧૫૮	ઓબીસી સ્ત્રી	દિનીબેન પટેલ (કોંગ્રેસ)	૯૭૧	૧૧૮૭	૧૦૦
કોલીયાદ	ઇશ્વરસ દિવાન (ભાજપ)	૧૫૬૩	ઓબીસી	રફીક દીવાન (કોંગ્રેસ)	૧૧૬૧	૩૯૨	૫૮
કુરાલી	ધર્મેન્દ્રસિંહ ગોહિલ (ભાજપ)	૨૯૬૮	જનરલ	અરવિંદસિંહ ચૌહાણ (કોંગ્રેસ)	૧૩૪૨	૧૬૨૬	૩૪
મિયાગામ	પરિવારે સંદાજનસિંહ (કોંગ્રેસ)	૨૩૨૮	જનરલ	વિજયસિંહ સંજયસિંહ (આપ)	૧૦૯૯	૧૨૨૯	૬૯
મોટીકોરલ	હર્ષિલકુમાર પરમાર (ભાજપ)	૨૦૩૮	જનરલ	અજીતસિંહ ગોહિલ (કોંગ્રેસ)	૯૭૨	૧૦૬૬	૩૩
મોટીવાવ	અજાલ વાળંદ (ભાજપ)	૧૯૯૫	જનરલ	રમીલા વાળંદ (કોંગ્રેસ)	૧૦૫૦	૯૪૫	૫૫
નારેશ્વર	રાજેશભાઈ પટેલ (ભાજપ)	૧૯૩૦	જનરલ	ઇમરાન પટેલ (કોંગ્રેસ)	૯૩૩	૯૯૭	૪૨
પુરાણીયા	ભાવેશ પટેલ (ભાજપ)	૨૧૧૯	જનરલ	ગીરીશ પટેલ (કોંગ્રેસ)	૯૮૫	૧૧૩૪	૩૬
સાધલી	કિરણબેન પઢીયાર (ભાજપ)	૨૦૨૫	ઓબીસી સ્ત્રી	સરોજબેન પઢીયાર (કોંગ્રેસ)	૯૩૦	૧૦૯૫	૫૨
સાંસરોદ	નઝીરહુસેન રાઠોડ (કોંગ્રેસ)	૨૩૩૯	જનરલ	ફઝલભાઈ પટેલ (ભાજપ)	૧૬૦૧	૭૩૮	૭૮
સીમળી	જિગ્નાબેન પટેલ (ભાજપ)	૧૮૮૫	જનરલ સ્ત્રી	મેઘાબેન પટેલ (કોંગ્રેસ)	૭૮૩	૧૧૦૨	૪૨
સીસવા	રશ્મિકાબેન પટેલ (ભાજપ)	૧૯૬૬	જનરલ સ્ત્રી	કલ્પનાબેન પટેલ (કોંગ્રેસ)	૮૬૩	૧૧૦૩	૪૪
વલણ	સાબીરહુસેન પટેલ (કોંગ્રેસ)	૨૦૬૮	જનરલ	ઇરફાનભાઈ પટેલ (ભાજપ)	૧૦૦૯	૧૦૫૯	૪૩
- વાસદ, હાંડોદ, સામરી, સાયર, કિંમાથી, વધલ-૨ બેઠક ભાજપના બિનહરીફ ઉમેદવાર વિજેતા બન્યા છે.
ડેસર તાલુકા પંચાયત ૧૬ બેઠક
બેઠક	વિજેતા	મત	પ્રકાર	હરીફ	મત	લીડ	નોટા
શિહોરા-૧	નિલમ પરમાર (ભાજપ)	૧૬૪૧	સામાન્ય સ્ત્રી	ઉષ્મા પરમાર (કોંગ્રેસ)	૮૫૪	૭૮૭	૩૯
શિહોરા-૨	વનરાજસિંહ ચૌહાણ (ભાજપ)	૧૦૪૭	જનરલ	ચેતન પરમાર (કોંગ્રેસ)	૬૬૦	૩૮૭	૪૨
સાંસાગરા	મનુ રણ્છોડ (ભાજપ)	૧૨૩૮	અનુ.જાતિ	સુમિત્રા સેખવા (કોંગ્રેસ)	૩૭૦	૮૬૮	૧૩૫
પંડ્યા	જગદીશભાઈ પટેલ (ભાજપ)	૧૫૭૫	સામાન્ય	અર્જુનસિંહ ગોહિલ (કોંગ્રેસ)	૧૧૨૬	૪૪૯	૨૪
અંજેસર	મંજુલા સોલંકી (ભાજપ)	૧૭૫૪	ઓબીસી	અનિલ પરમાર (કોંગ્રેસ)	૭૦૭	૧૦૪૭	૧૧૦
ભાદરવા	મહેશભાઈ પટેલ (ભાજપ)	૧૪૨૨	સામાન્ય	રમેશ પટેલ (કોંગ્રેસ)	૬૫૯	૭૬૩	૮૭
દેરવાડા	હસમુખભાઈ પટેલ (ભાજપ)	૧૪૮૦	સામાન્ય	સતીષ પટેલ (કોંગ્રેસ)	૭૬૭	૭૧૩	૬૦
ઇંદ્રવા	દક્ષાબેન રાઠોડ (ભાજપ)	૧૧૨૭	જનરલ	માયાબેન રાઠોડ (કોંગ્રેસ)	૫૬૧	૫૬૬	૩૯
દશોભ	ભાવના માછી (ભાજપ)	૧૦૯૬	ઓબીસી	ડીમ્પલ માછી (કોંગ્રેસ)	૫૮૬	૫૧૦	૩૮
ગોરજા	ભરતસિંહ ગોહિલ (ભાજપ)	૧૨૨૩	સામાન્ય	મિહિર ઝાલા (કોંગ્રેસ)	૫૬૬	૬૫૭	૯૧
નાહરોદ	ધર્મેશ પટેલ (ભાજપ)	૧૨૯૩	સામાન્ય	દિનેશ સોલંકી (કોંગ્રેસ)	૫૨૮	૭૬૫	૭૭
સાંસરોદ	દશરથભાઈ પટેલ (ભાજપ)	૧૧૫૩	બિ.અનામત	પ્રદીપસિંહ વાઘેલા (કોંગ્રેસ)	૫૯૪	૫૫૯	૪૧
મેતરાલ	દક્ષાબહેન પરમાર (ભાજપ)	૯૯૫	સામાન્ય સ્ત્રી	જાગૃતિ પરમાર (કોંગ્રેસ)	૫૯૪	૪૦૧	૩૩
વાલાવાવ	મગનભાઈ ડાભી (ભાજપ)	૧૨૯૫	સા.શૈ.પ.	રામભાઈ રાઠવા (કોંગ્રેસ)	૪૪૫	૮૫૦	૨૮
વડદલા	વિક્રમસિંહ ગોહિલ (ભાજપ)	૧૦૯૯	બિ.અનામત	રમેશ ગોહિલ (કોંગ્રેસ)	૬૫૩	૪૪૬	૪૫
ડેસર-૧	દિગ્ગા ઘાંચી (ભાજપ)	૯૬૭	બિ.અનામત	નીલેશ પટેલ (કોંગ્રેસ)	૨૨૧	૧૫૫	૩૪
* વરસડા ,વેજપુર ,વરસેકેર,કાઠિયા ભાજપના ઉમેદવાર બિનહરીફ થયા
